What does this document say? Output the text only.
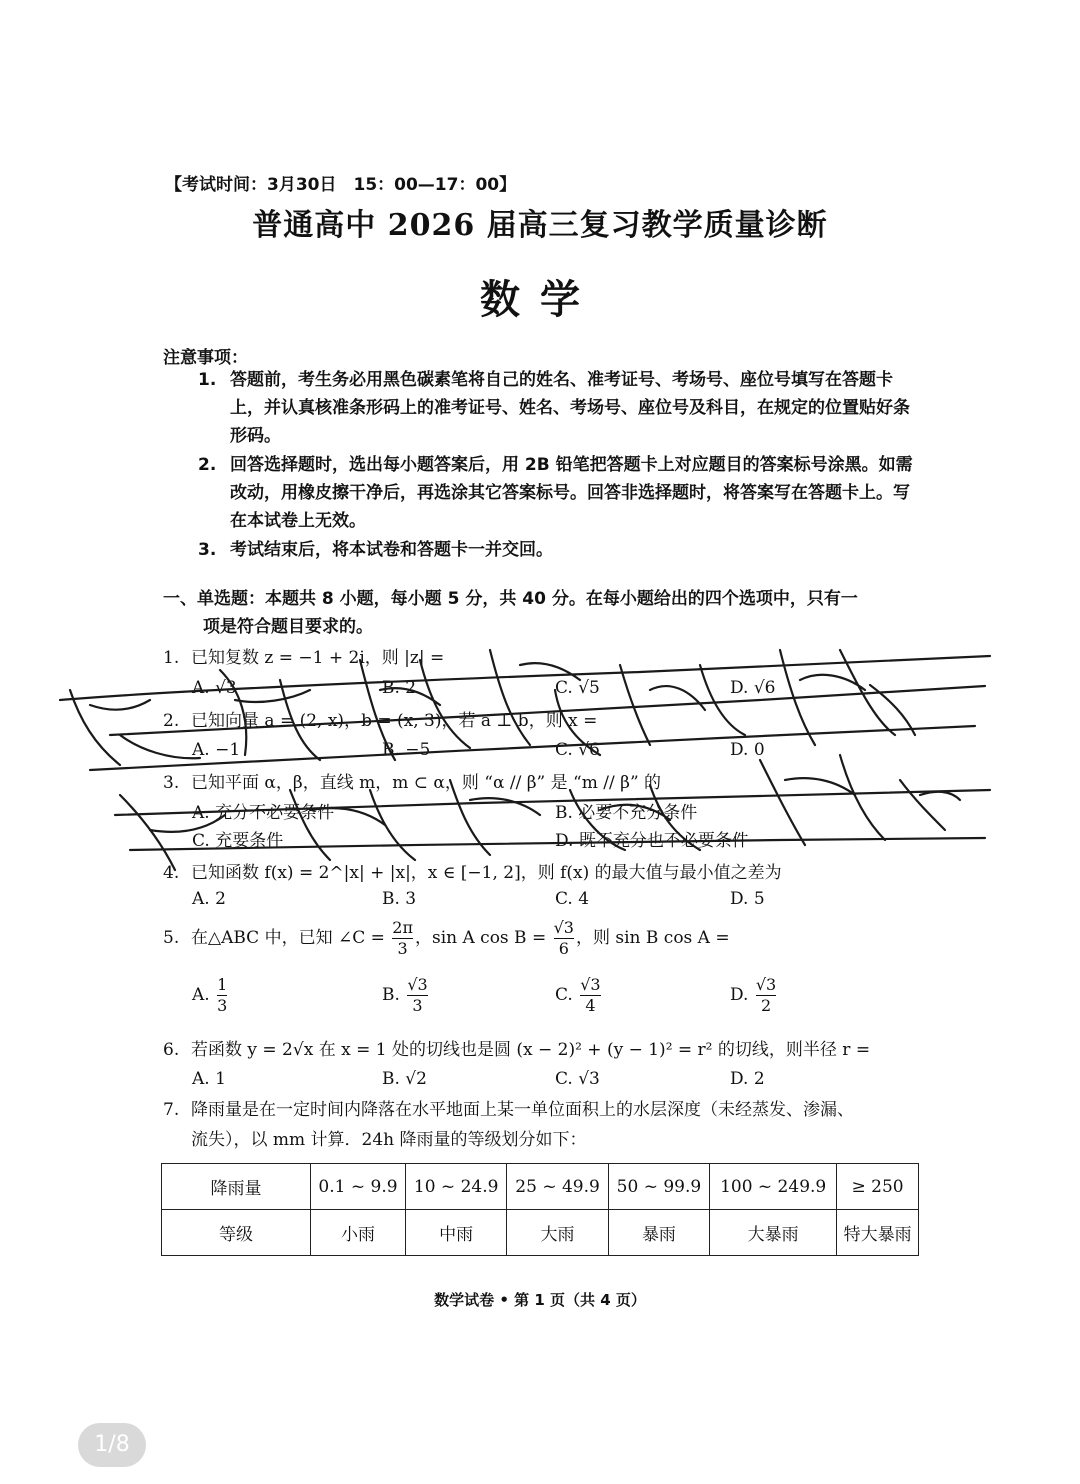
【考试时间：3月30日　15：00—17：00】
普通高中 2026 届高三复习教学质量诊断
数学
注意事项：
1. 答题前，考生务必用黑色碳素笔将自己的姓名、准考证号、考场号、座位号填写在答题卡上，并认真核准条形码上的准考证号、姓名、考场号、座位号及科目，在规定的位置贴好条形码。
2. 回答选择题时，选出每小题答案后，用 2B 铅笔把答题卡上对应题目的答案标号涂黑。如需改动，用橡皮擦干净后，再选涂其它答案标号。回答非选择题时，将答案写在答题卡上。写在本试卷上无效。
3. 考试结束后，将本试卷和答题卡一并交回。
一、单选题：本题共 8 小题，每小题 5 分，共 40 分。在每小题给出的四个选项中，只有一
项是符合题目要求的。
1. 已知复数 z = −1 + 2i，则 |z| =
A. √3	B. 2	C. √5	D. √6
2. 已知向量 a = (2, x)，b = (x, 3)，若 a ⊥ b，则 x =
A. −1	B. −5	C. √6	D. 0
3. 已知平面 α，β，直线 m，m ⊂ α，则 “α // β” 是 “m // β” 的
A. 充分不必要条件	B. 必要不充分条件
C. 充要条件	D. 既不充分也不必要条件
4. 已知函数 f(x) = 2^|x| + |x|，x ∈ [−1, 2]，则 f(x) 的最大值与最小值之差为
A. 2	B. 3	C. 4	D. 5
5. 在△ABC 中，已知 ∠C = $\frac{2\pi}{3}$ ，sin A $\cos B = \frac{√3}{6}$ ，则 sin B cos A =
A. $\frac{1}{3}$	B. $\frac{√3}{3}$	C. $\frac{√3}{4}$	D. $\frac{√3}{2}$
6. 若函数 y = 2√x 在 x = 1 处的切线也是圆 (x − 2)² + (y − 1)² = r² 的切线，则半径 r =
A. 1	B. √2	C. √3	D. 2
7. 降雨量是在一定时间内降落在水平地面上某一单位面积上的水层深度（未经蒸发、渗漏、
流失），以 mm 计算．24h 降雨量的等级划分如下：
降雨量	0.1 ~ 9.9	10 ~ 24.9	25 ~ 49.9	50 ~ 99.9	100 ~ 249.9	≥ 250
等级	小雨	中雨	大雨	暴雨	大暴雨	特大暴雨
数学试卷 • 第 1 页（共 4 页）
1/8
